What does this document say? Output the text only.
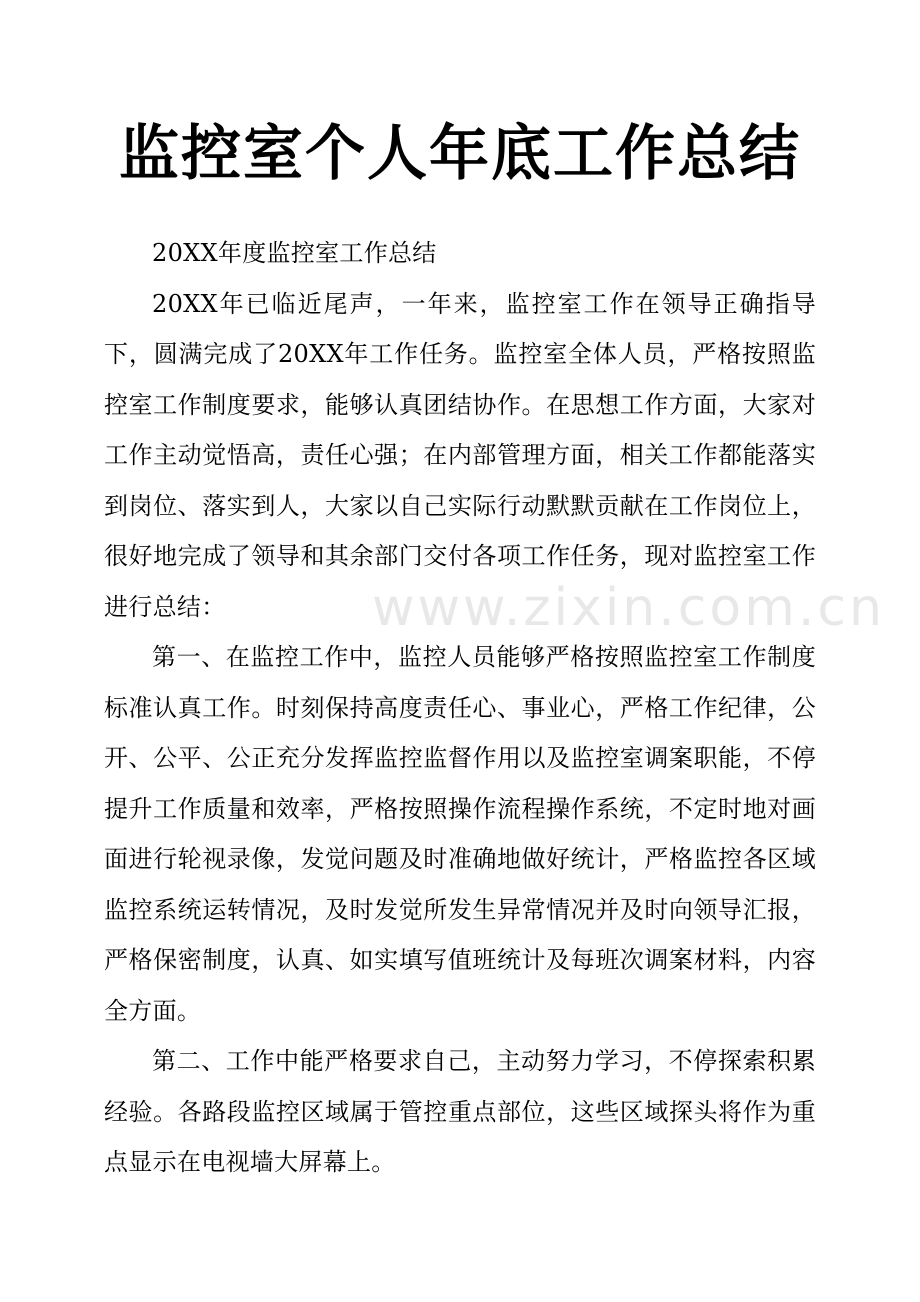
监控室个人年底工作总结

20XX年度监控室工作总结

20XX年已临近尾声，一年来，监控室工作在领导正确指导下，圆满完成了20XX年工作任务。监控室全体人员，严格按照监控室工作制度要求，能够认真团结协作。在思想工作方面，大家对工作主动觉悟高，责任心强；在内部管理方面，相关工作都能落实到岗位、落实到人，大家以自己实际行动默默贡献在工作岗位上，很好地完成了领导和其余部门交付各项工作任务，现对监控室工作进行总结：

第一、在监控工作中，监控人员能够严格按照监控室工作制度标准认真工作。时刻保持高度责任心、事业心，严格工作纪律，公开、公平、公正充分发挥监控监督作用以及监控室调案职能，不停提升工作质量和效率，严格按照操作流程操作系统，不定时地对画面进行轮视录像，发觉问题及时准确地做好统计，严格监控各区域监控系统运转情况，及时发觉所发生异常情况并及时向领导汇报，严格保密制度，认真、如实填写值班统计及每班次调案材料，内容全方面。

第二、工作中能严格要求自己，主动努力学习，不停探索积累经验。各路段监控区域属于管控重点部位，这些区域探头将作为重点显示在电视墙大屏幕上。

www.zixin.com.cn
